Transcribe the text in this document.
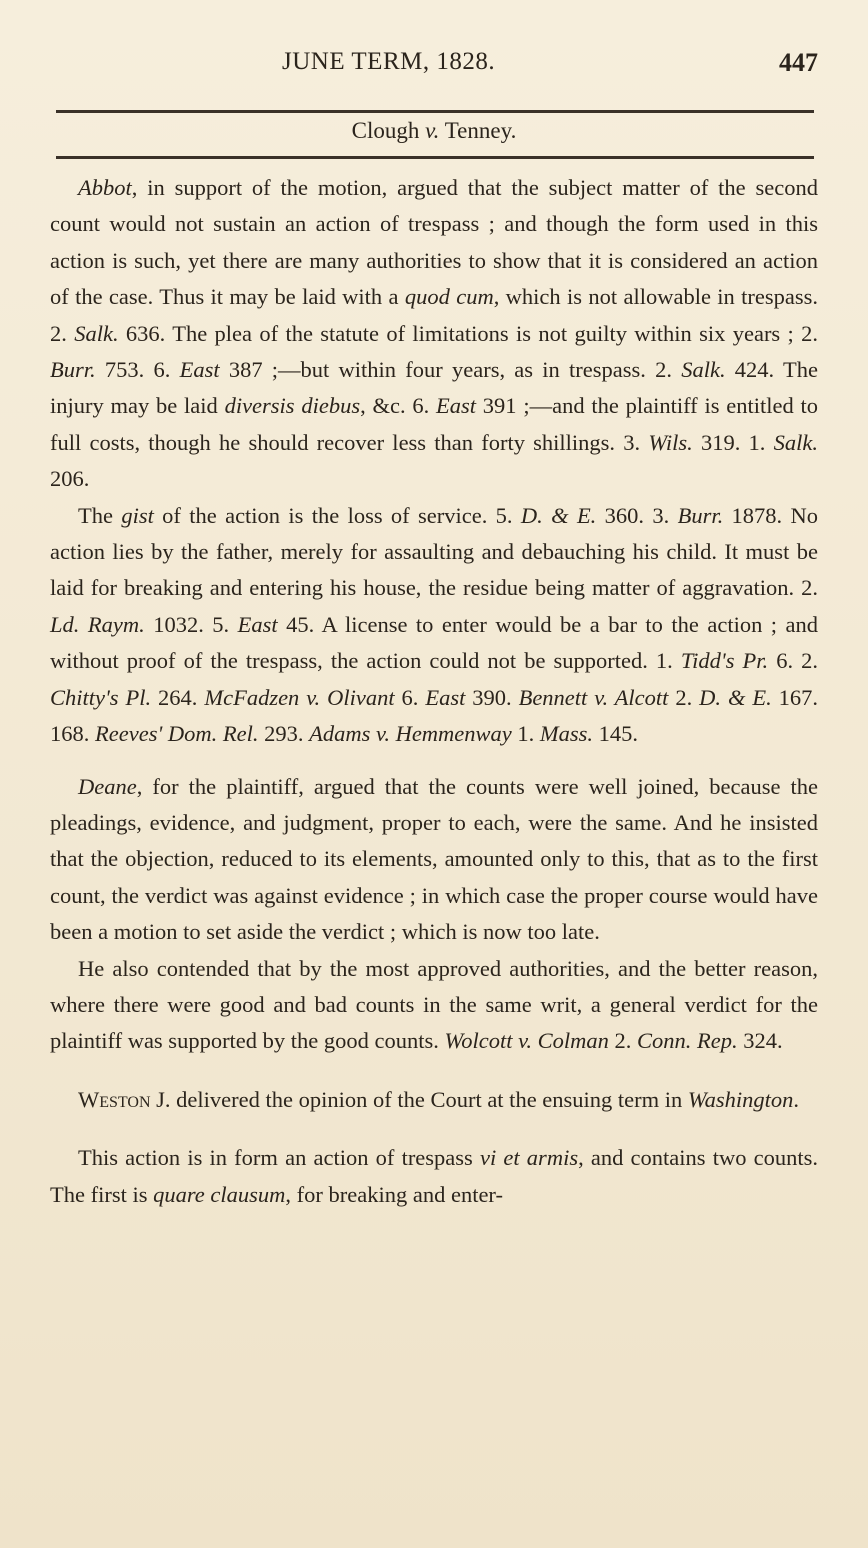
JUNE TERM, 1828.	447
Clough v. Tenney.

Abbot, in support of the motion, argued that the subject matter of the second count would not sustain an action of trespass ; and though the form used in this action is such, yet there are many authorities to show that it is considered an action of the case. Thus it may be laid with a quod cum, which is not allowable in trespass. 2. Salk. 636. The plea of the statute of limitations is not guilty within six years ; 2. Burr. 753. 6. East 387 ;—but within four years, as in trespass. 2. Salk. 424. The injury may be laid diversis diebus, &c. 6. East 391 ;—and the plaintiff is entitled to full costs, though he should recover less than forty shillings. 3. Wils. 319. 1. Salk. 206.

The gist of the action is the loss of service. 5. D. & E. 360. 3. Burr. 1878. No action lies by the father, merely for assaulting and debauching his child. It must be laid for breaking and entering his house, the residue being matter of aggravation. 2. Ld. Raym. 1032. 5. East 45. A license to enter would be a bar to the action ; and without proof of the trespass, the action could not be supported. 1. Tidd's Pr. 6. 2. Chitty's Pl. 264. McFadzen v. Olivant 6. East 390. Bennett v. Alcott 2. D. & E. 167. 168. Reeves' Dom. Rel. 293. Adams v. Hemmenway 1. Mass. 145.

Deane, for the plaintiff, argued that the counts were well joined, because the pleadings, evidence, and judgment, proper to each, were the same. And he insisted that the objection, reduced to its elements, amounted only to this, that as to the first count, the verdict was against evidence ; in which case the proper course would have been a motion to set aside the verdict ; which is now too late.

He also contended that by the most approved authorities, and the better reason, where there were good and bad counts in the same writ, a general verdict for the plaintiff was supported by the good counts. Wolcott v. Colman 2. Conn. Rep. 324.

Weston J. delivered the opinion of the Court at the ensuing term in Washington.

This action is in form an action of trespass vi et armis, and contains two counts. The first is quare clausum, for breaking and enter-
